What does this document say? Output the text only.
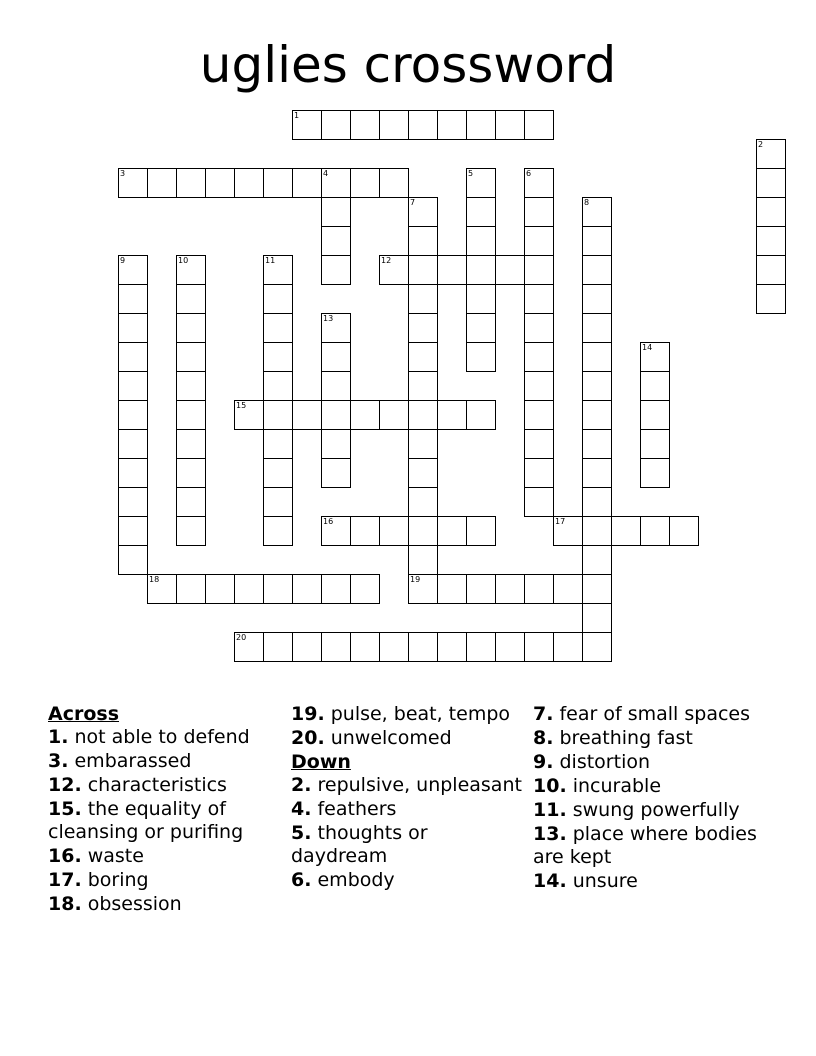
uglies crossword
1
2
3	4	5	6
7	8
9	10	11	12
13
14
15
16	17
18	19
20
Across
1. not able to defend
3. embarassed
12. characteristics
15. the equality of cleansing or purifing
16. waste
17. boring
18. obsession
19. pulse, beat, tempo
20. unwelcomed
Down
2. repulsive, unpleasant
4. feathers
5. thoughts or daydream
6. embody
7. fear of small spaces
8. breathing fast
9. distortion
10. incurable
11. swung powerfully
13. place where bodies are kept
14. unsure
